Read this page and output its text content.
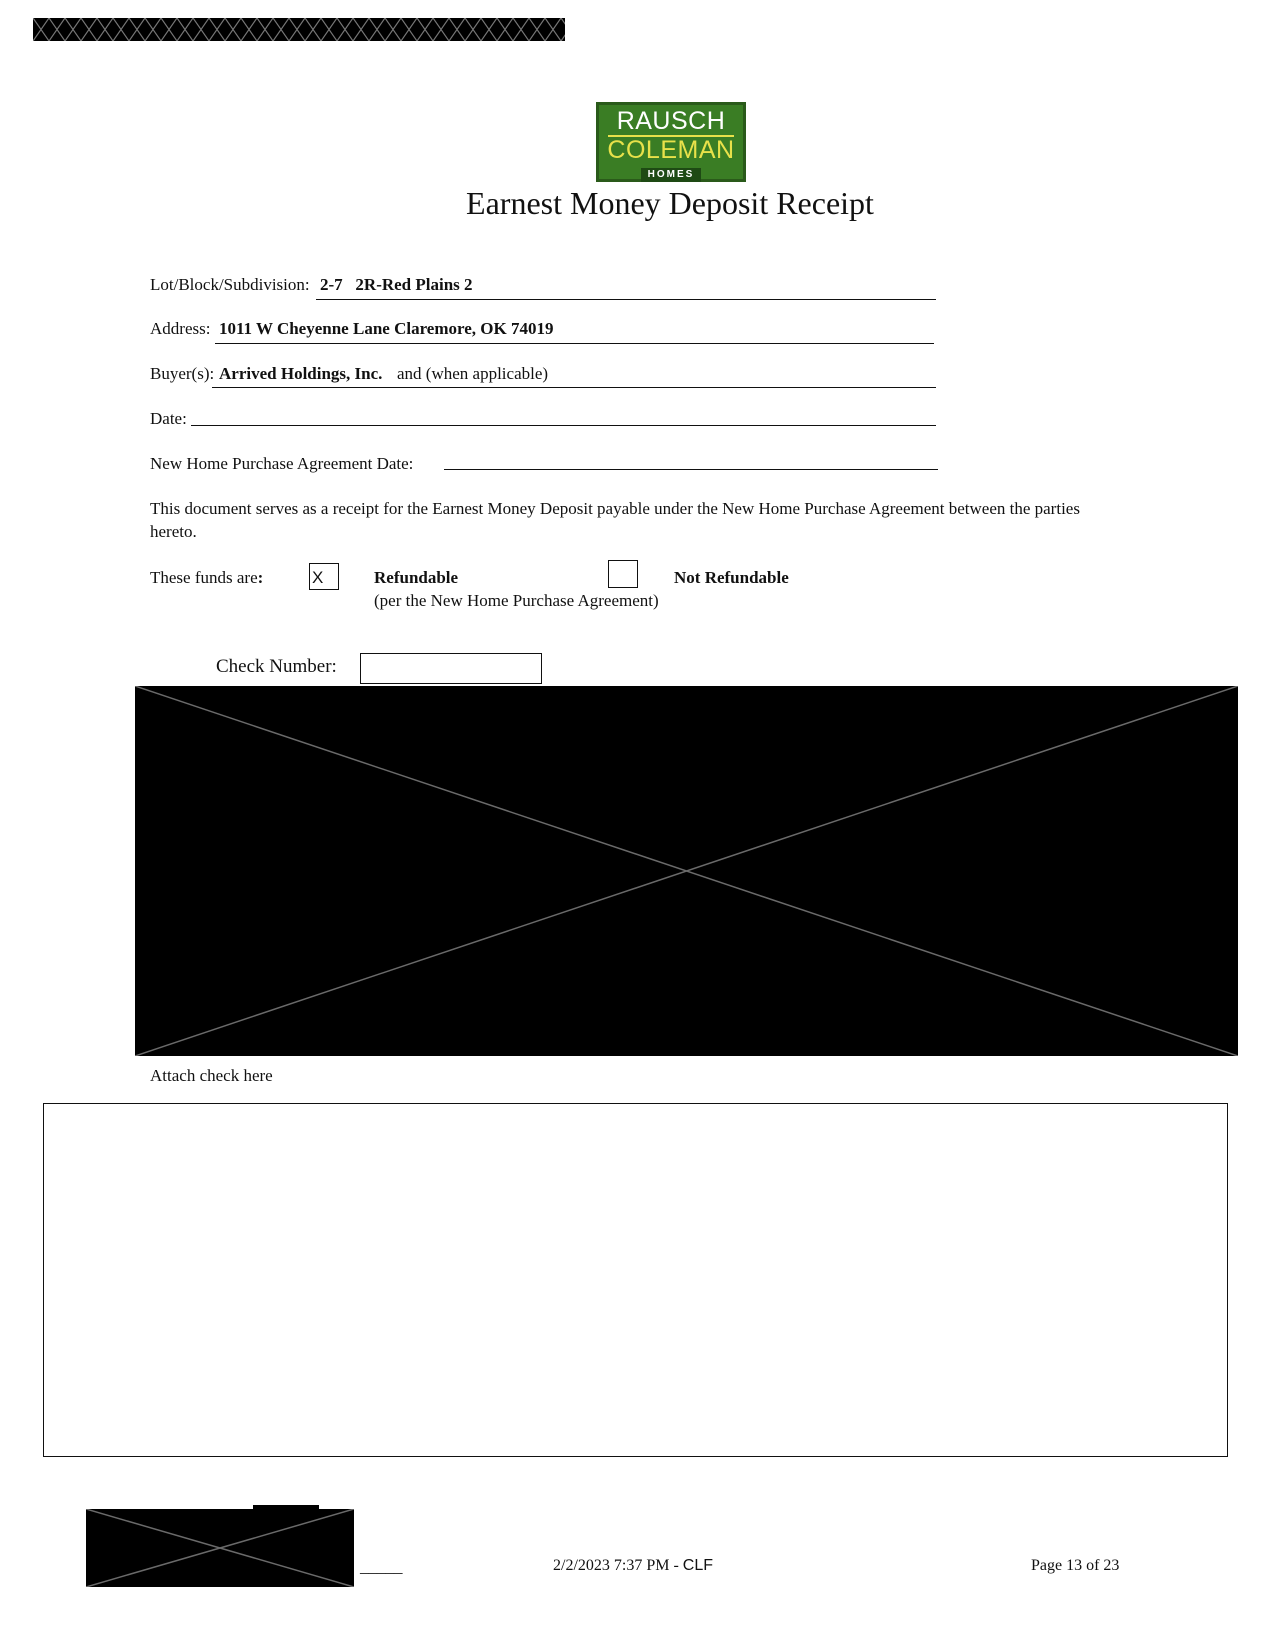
RAUSCH
COLEMAN
HOMES
Earnest Money Deposit Receipt
Lot/Block/Subdivision: 2-7   2R-Red Plains 2
Address: 1011 W Cheyenne Lane Claremore, OK 74019
Buyer(s): Arrived Holdings, Inc. and (when applicable)
Date:
New Home Purchase Agreement Date:
This document serves as a receipt for the Earnest Money Deposit payable under the New Home Purchase Agreement between the parties hereto.
These funds are:	X	Refundable
(per the New Home Purchase Agreement)
Not Refundable
Check Number:
Attach check here
_____	2/2/2023 7:37 PM - CLF	Page 13 of 23
